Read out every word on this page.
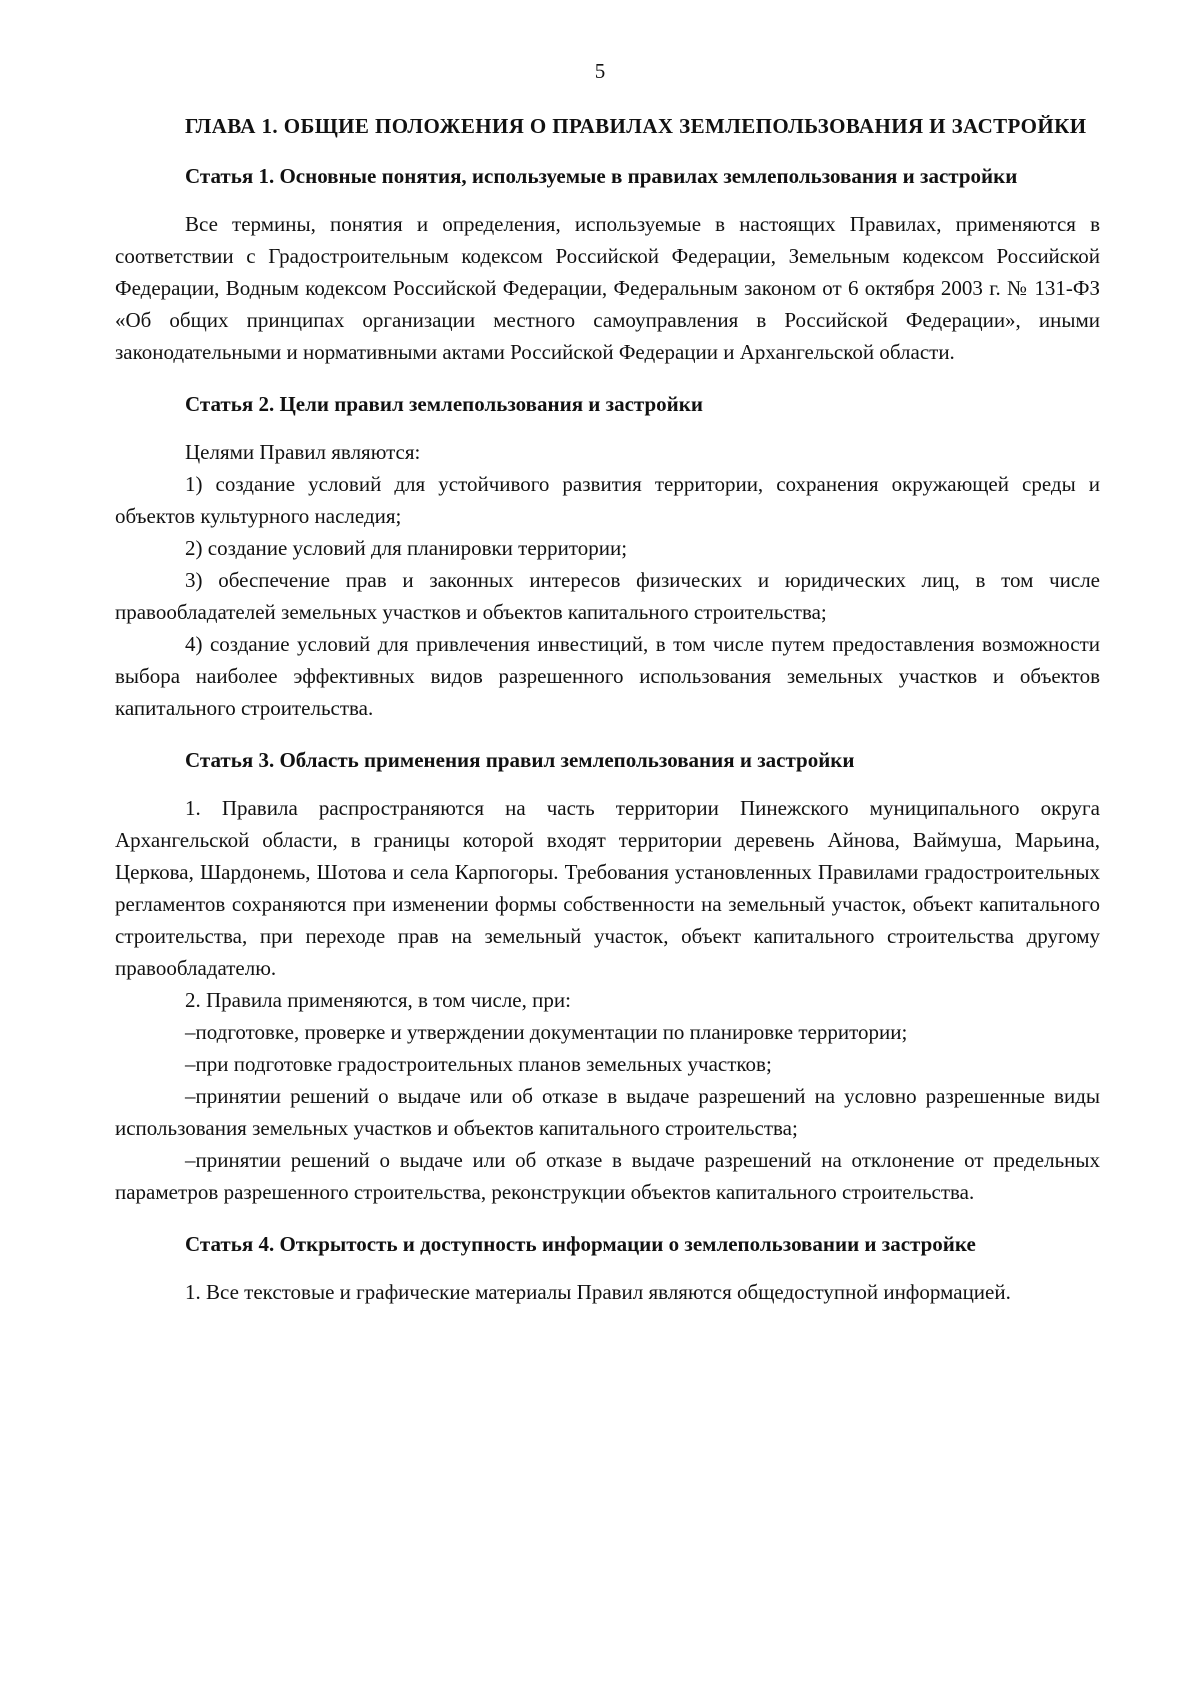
5
ГЛАВА 1. ОБЩИЕ ПОЛОЖЕНИЯ О ПРАВИЛАХ ЗЕМЛЕПОЛЬЗОВАНИЯ И ЗАСТРОЙКИ
Статья 1. Основные понятия, используемые в правилах землепользования и застройки

Все термины, понятия и определения, используемые в настоящих Правилах, применяются в соответствии с Градостроительным кодексом Российской Федерации, Земельным кодексом Российской Федерации, Водным кодексом Российской Федерации, Федеральным законом от 6 октября 2003 г. № 131-ФЗ «Об общих принципах организации местного самоуправления в Российской Федерации», иными законодательными и нормативными актами Российской Федерации и Архангельской области.

Статья 2. Цели правил землепользования и застройки

Целями Правил являются:

1) создание условий для устойчивого развития территории, сохранения окружающей среды и объектов культурного наследия;

2) создание условий для планировки территории;

3) обеспечение прав и законных интересов физических и юридических лиц, в том числе правообладателей земельных участков и объектов капитального строительства;

4) создание условий для привлечения инвестиций, в том числе путем предоставления возможности выбора наиболее эффективных видов разрешенного использования земельных участков и объектов капитального строительства.

Статья 3. Область применения правил землепользования и застройки

1. Правила распространяются на часть территории Пинежского муниципального округа Архангельской области, в границы которой входят территории деревень Айнова, Ваймуша, Марьина, Церкова, Шардонемь, Шотова и села Карпогоры. Требования установленных Правилами градостроительных регламентов сохраняются при изменении формы собственности на земельный участок, объект капитального строительства, при переходе прав на земельный участок, объект капитального строительства другому правообладателю.

2. Правила применяются, в том числе, при:

–подготовке, проверке и утверждении документации по планировке территории;

–при подготовке градостроительных планов земельных участков;

–принятии решений о выдаче или об отказе в выдаче разрешений на условно разрешенные виды использования земельных участков и объектов капитального строительства;

–принятии решений о выдаче или об отказе в выдаче разрешений на отклонение от предельных параметров разрешенного строительства, реконструкции объектов капитального строительства.

Статья 4. Открытость и доступность информации о землепользовании и застройке

1. Все текстовые и графические материалы Правил являются общедоступной информацией.
